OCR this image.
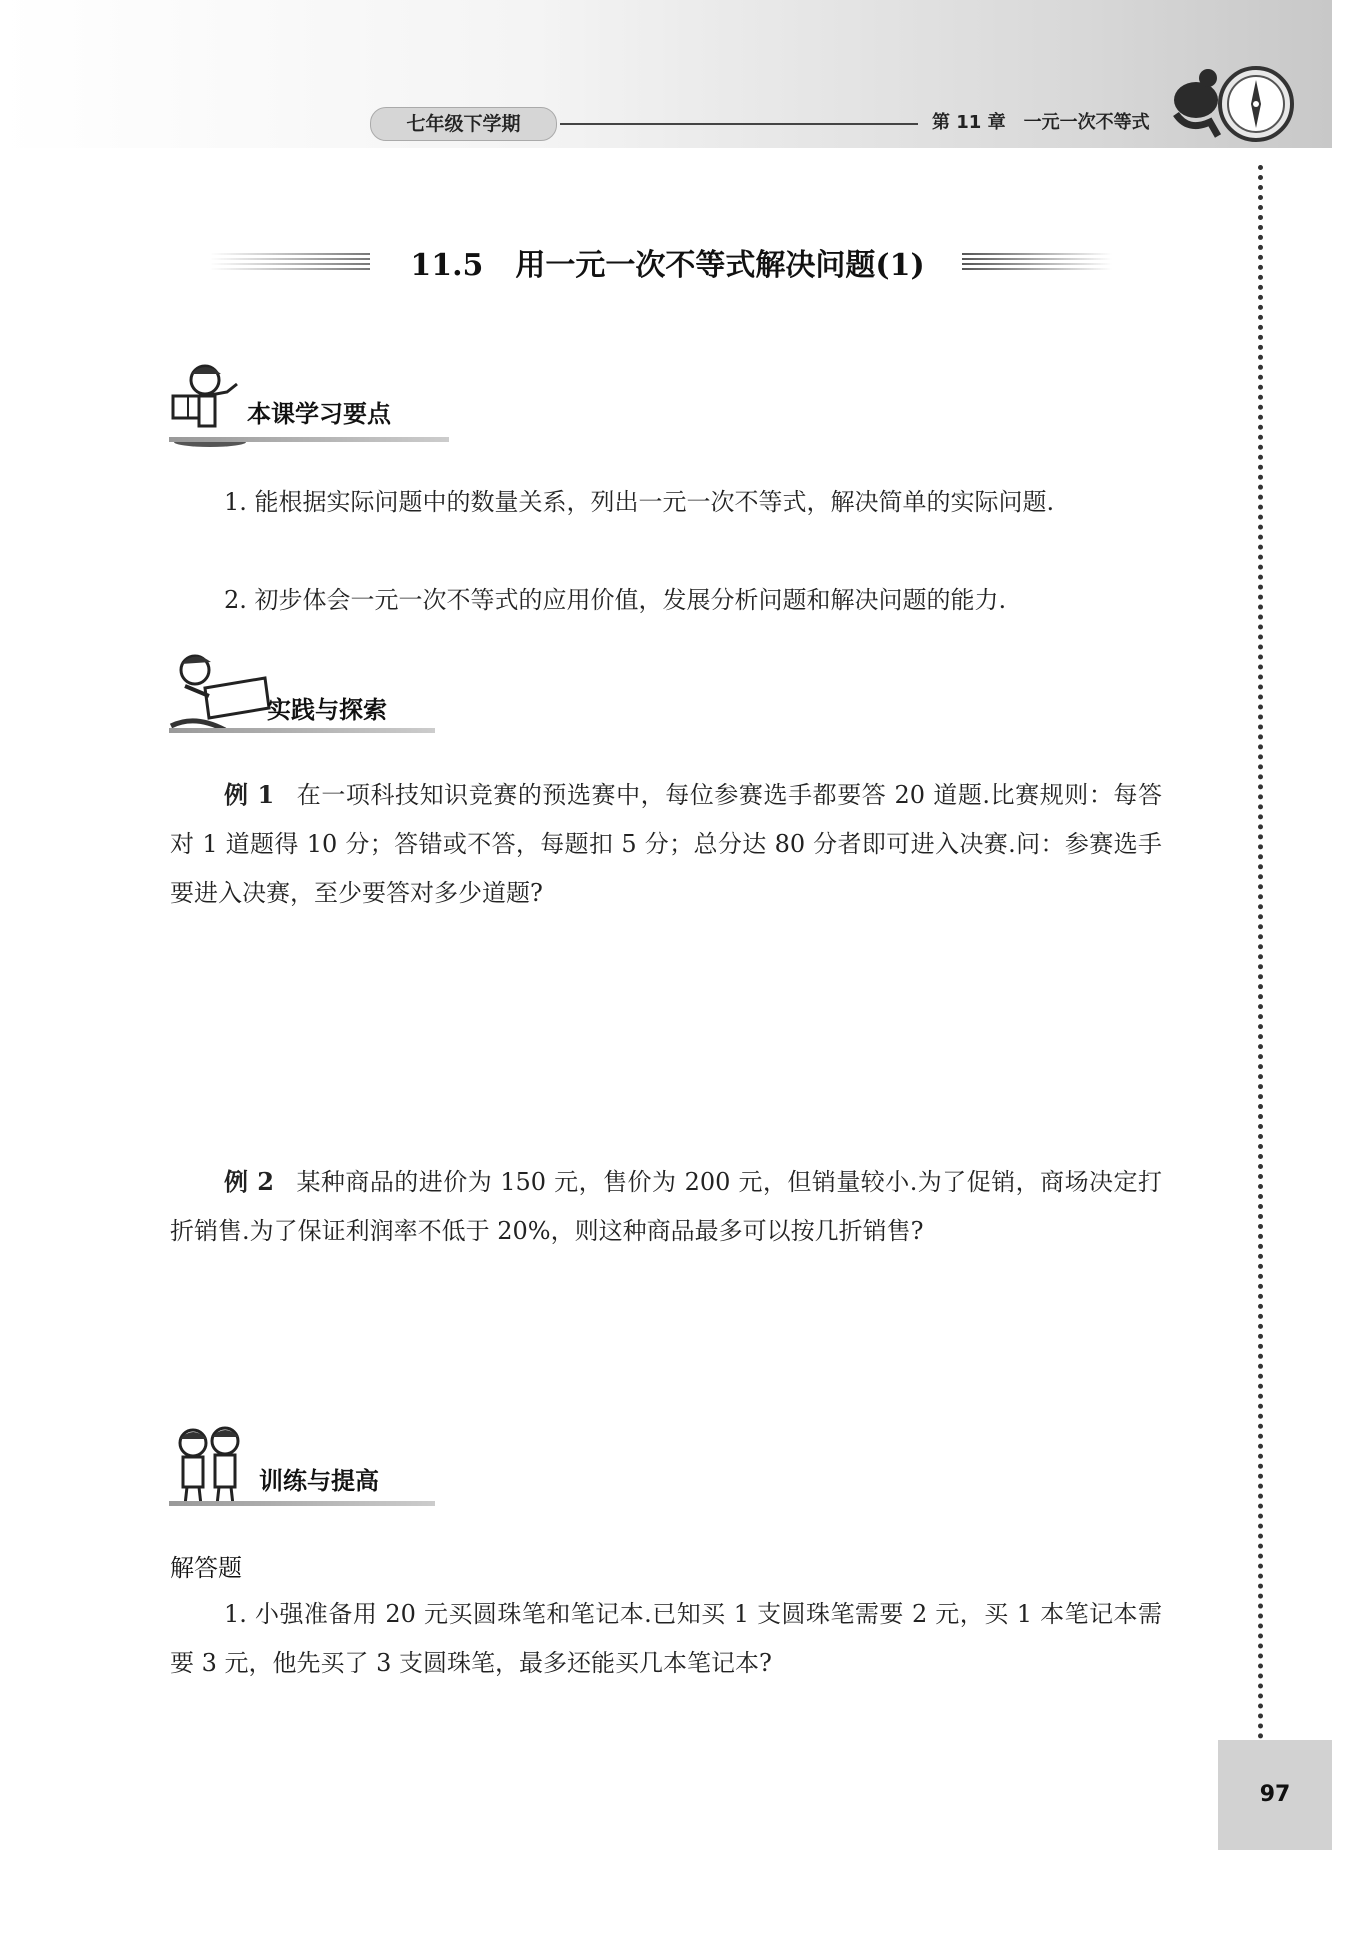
七年级下学期	第 11 章 一元一次不等式
97
11.5 用一元一次不等式解决问题(1)
本课学习要点
1. 能根据实际问题中的数量关系，列出一元一次不等式，解决简单的实际问题.
2. 初步体会一元一次不等式的应用价值，发展分析问题和解决问题的能力.
实践与探索
例 1 在一项科技知识竞赛的预选赛中，每位参赛选手都要答 20 道题.比赛规则：每答对 1 道题得 10 分；答错或不答，每题扣 5 分；总分达 80 分者即可进入决赛.问：参赛选手要进入决赛，至少要答对多少道题?
例 2 某种商品的进价为 150 元，售价为 200 元，但销量较小.为了促销，商场决定打折销售.为了保证利润率不低于 20%，则这种商品最多可以按几折销售?
训练与提高
解答题
1. 小强准备用 20 元买圆珠笔和笔记本.已知买 1 支圆珠笔需要 2 元，买 1 本笔记本需要 3 元，他先买了 3 支圆珠笔，最多还能买几本笔记本?
